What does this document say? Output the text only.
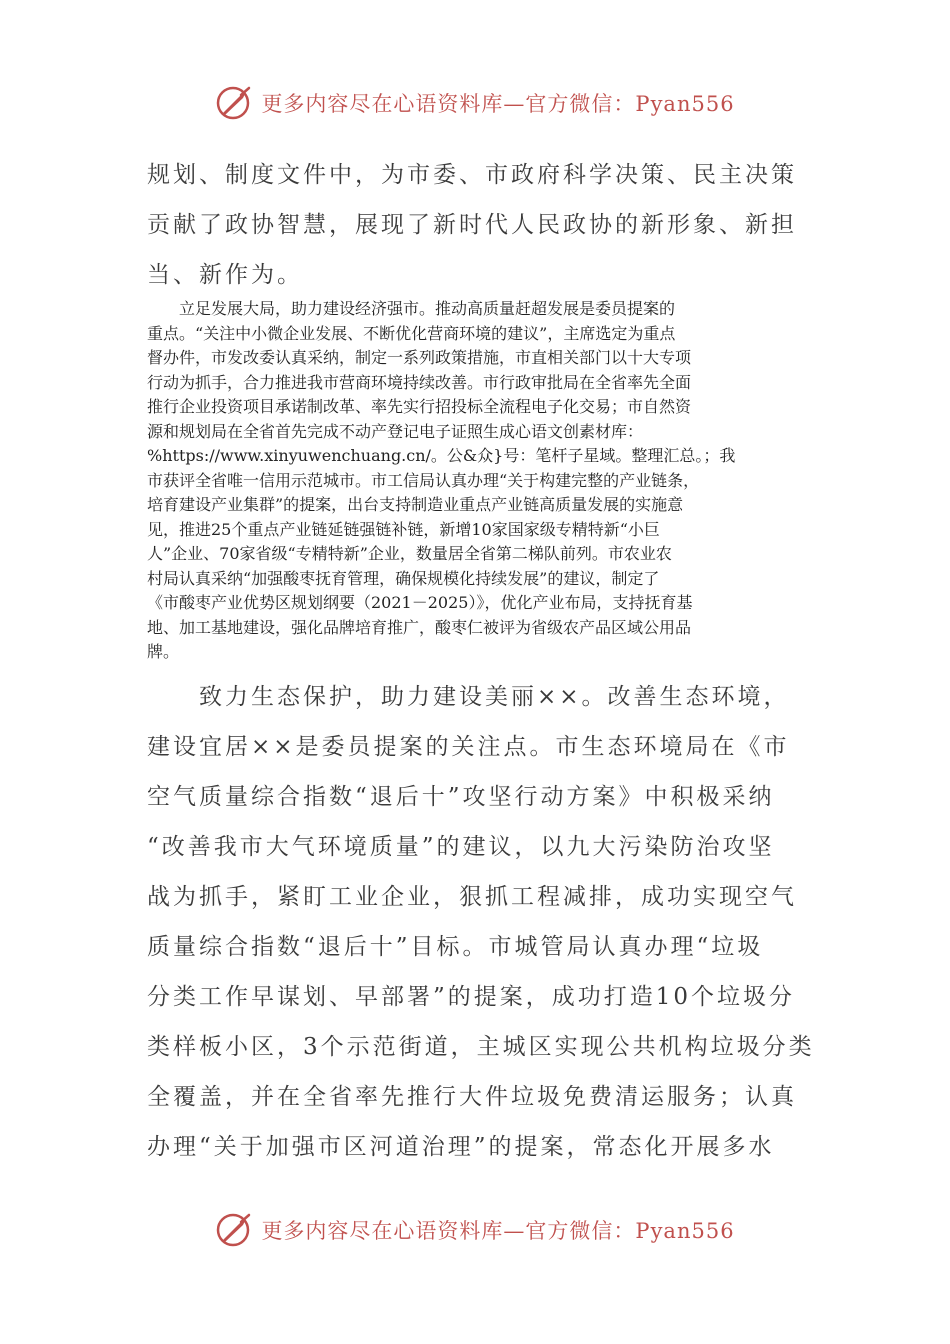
更多内容尽在心语资料库—官方微信：Pyan556
规划、制度文件中，为市委、市政府科学决策、民主决策
贡献了政协智慧，展现了新时代人民政协的新形象、新担
当、新作为。
　　立足发展大局，助力建设经济强市。推动高质量赶超发展是委员提案的
重点。“关注中小微企业发展、不断优化营商环境的建议”，主席选定为重点
督办件，市发改委认真采纳，制定一系列政策措施，市直相关部门以十大专项
行动为抓手，合力推进我市营商环境持续改善。市行政审批局在全省率先全面
推行企业投资项目承诺制改革、率先实行招投标全流程电子化交易；市自然资
源和规划局在全省首先完成不动产登记电子证照生成心语文创素材库：
%https://www.xinyuwenchuang.cn/。公&众}号：笔杆子星域。整理汇总。；我
市获评全省唯一信用示范城市。市工信局认真办理“关于构建完整的产业链条，
培育建设产业集群”的提案，出台支持制造业重点产业链高质量发展的实施意
见，推进25个重点产业链延链强链补链，新增10家国家级专精特新“小巨
人”企业、70家省级“专精特新”企业，数量居全省第二梯队前列。市农业农
村局认真采纳“加强酸枣抚育管理，确保规模化持续发展”的建议，制定了
《市酸枣产业优势区规划纲要（2021－2025）》，优化产业布局，支持抚育基
地、加工基地建设，强化品牌培育推广，酸枣仁被评为省级农产品区域公用品
牌。
　　致力生态保护，助力建设美丽××。改善生态环境，
建设宜居××是委员提案的关注点。市生态环境局在《市
空气质量综合指数“退后十”攻坚行动方案》中积极采纳
“改善我市大气环境质量”的建议，以九大污染防治攻坚
战为抓手，紧盯工业企业，狠抓工程减排，成功实现空气
质量综合指数“退后十”目标。市城管局认真办理“垃圾
分类工作早谋划、早部署”的提案，成功打造10个垃圾分
类样板小区，3个示范街道，主城区实现公共机构垃圾分类
全覆盖，并在全省率先推行大件垃圾免费清运服务；认真
办理“关于加强市区河道治理”的提案，常态化开展多水
更多内容尽在心语资料库—官方微信：Pyan556
